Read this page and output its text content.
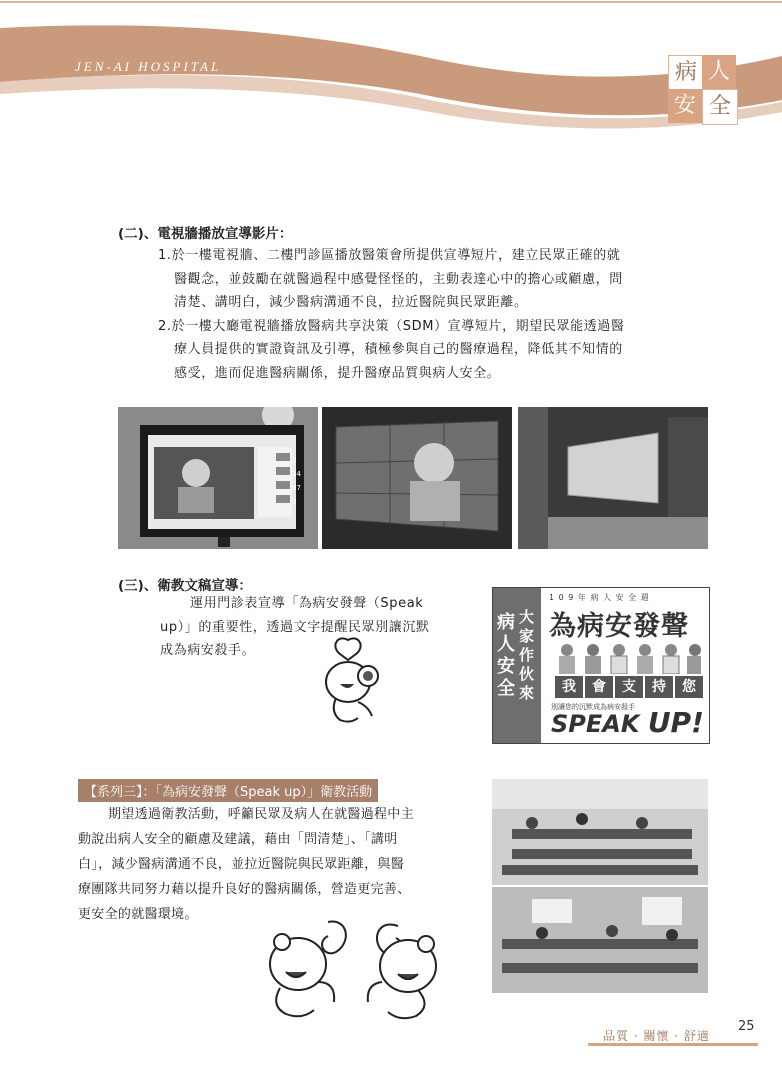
JEN-AI HOSPITAL	病 人
安 全
(二)、電視牆播放宣導影片：
1.於一樓電視牆、二樓門診區播放醫策會所提供宣導短片，建立民眾正確的就
醫觀念，並鼓勵在就醫過程中感覺怪怪的，主動表達心中的擔心或顧慮，問
清楚、講明白，減少醫病溝通不良，拉近醫院與民眾距離。
2.於一樓大廳電視牆播放醫病共享決策（SDM）宣導短片，期望民眾能透過醫
療人員提供的實證資訊及引導，積極參與自己的醫療過程，降低其不知情的
感受，進而促進醫病關係，提升醫療品質與病人安全。
3
14
37
3
(三)、衛教文稿宣導：
運用門診表宣導「為病安發聲（Speak
up）」的重要性，透過文字提醒民眾別讓沉默
成為病安殺手。
病人安全
大家作伙來
1 0 9 年 病 人 安 全 週
為病安發聲
我	會	支	持	您
別讓您的沉默成為病安殺手
SPEAK UP!
【系列三】：「為病安發聲（Speak up）」衛教活動
期望透過衛教活動，呼籲民眾及病人在就醫過程中主
動說出病人安全的顧慮及建議，藉由「問清楚」、「講明
白」，減少醫病溝通不良，並拉近醫院與民眾距離，與醫
療團隊共同努力藉以提升良好的醫病關係，營造更完善、
更安全的就醫環境。
品質 · 關懷 · 舒適
25
